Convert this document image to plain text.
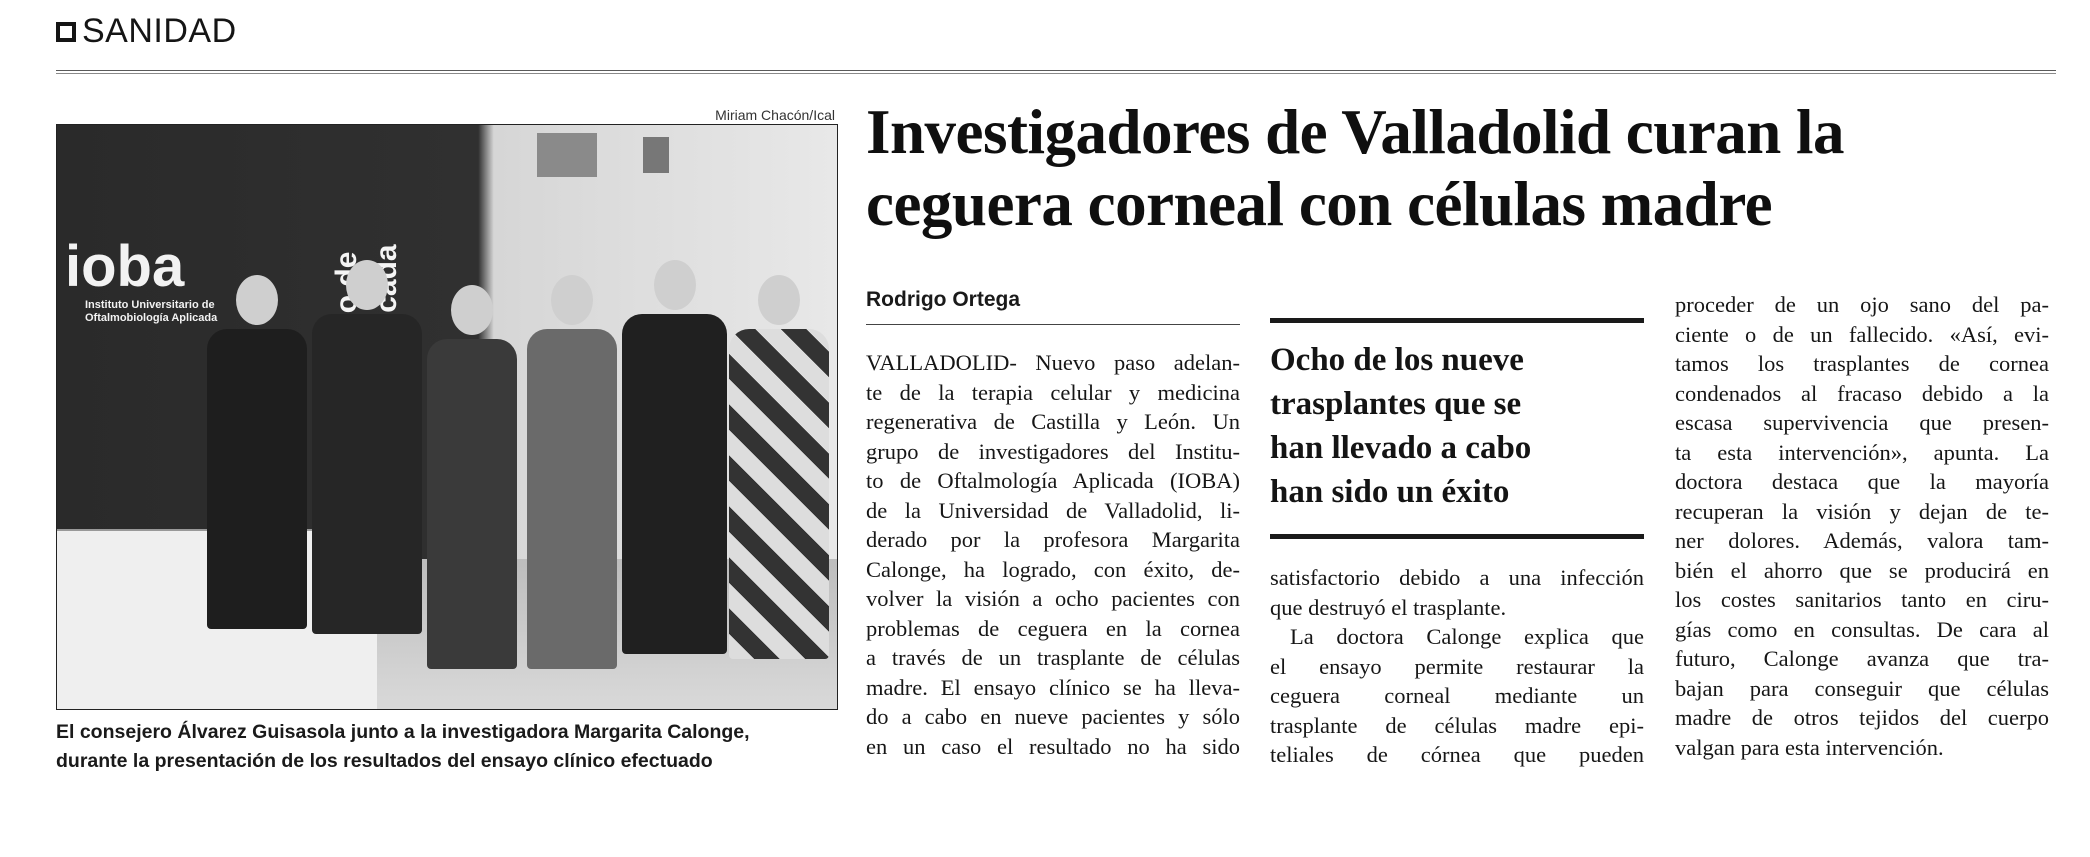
SANIDAD
Miriam Chacón/Ical
ioba
Instituto Universitario de
Oftalmobiología Aplicada

El consejero Álvarez Guisasola junto a la investigadora Margarita Calonge,
durante la presentación de los resultados del ensayo clínico efectuado
Investigadores de Valladolid curan la
ceguera corneal con células madre
Rodrigo Ortega
VALLADOLID- Nuevo paso adelan-
te de la terapia celular y medicina
regenerativa de Castilla y León. Un
grupo de investigadores del Institu-
to de Oftalmología Aplicada (IOBA)
de la Universidad de Valladolid, li-
derado por la profesora Margarita
Calonge, ha logrado, con éxito, de-
volver la visión a ocho pacientes con
problemas de ceguera en la cornea
a través de un trasplante de células
madre. El ensayo clínico se ha lleva-
do a cabo en nueve pacientes y sólo
en un caso el resultado no ha sido
Ocho de los nueve
trasplantes que se
han llevado a cabo
han sido un éxito
satisfactorio debido a una infección
que destruyó el trasplante.
La doctora Calonge explica que
el ensayo permite restaurar la
ceguera corneal mediante un
trasplante de células madre epi-
teliales de córnea que pueden
proceder de un ojo sano del pa-
ciente o de un fallecido. «Así, evi-
tamos los trasplantes de cornea
condenados al fracaso debido a la
escasa supervivencia que presen-
ta esta intervención», apunta. La
doctora destaca que la mayoría
recuperan la visión y dejan de te-
ner dolores. Además, valora tam-
bién el ahorro que se producirá en
los costes sanitarios tanto en ciru-
gías como en consultas. De cara al
futuro, Calonge avanza que tra-
bajan para conseguir que células
madre de otros tejidos del cuerpo
valgan para esta intervención.
